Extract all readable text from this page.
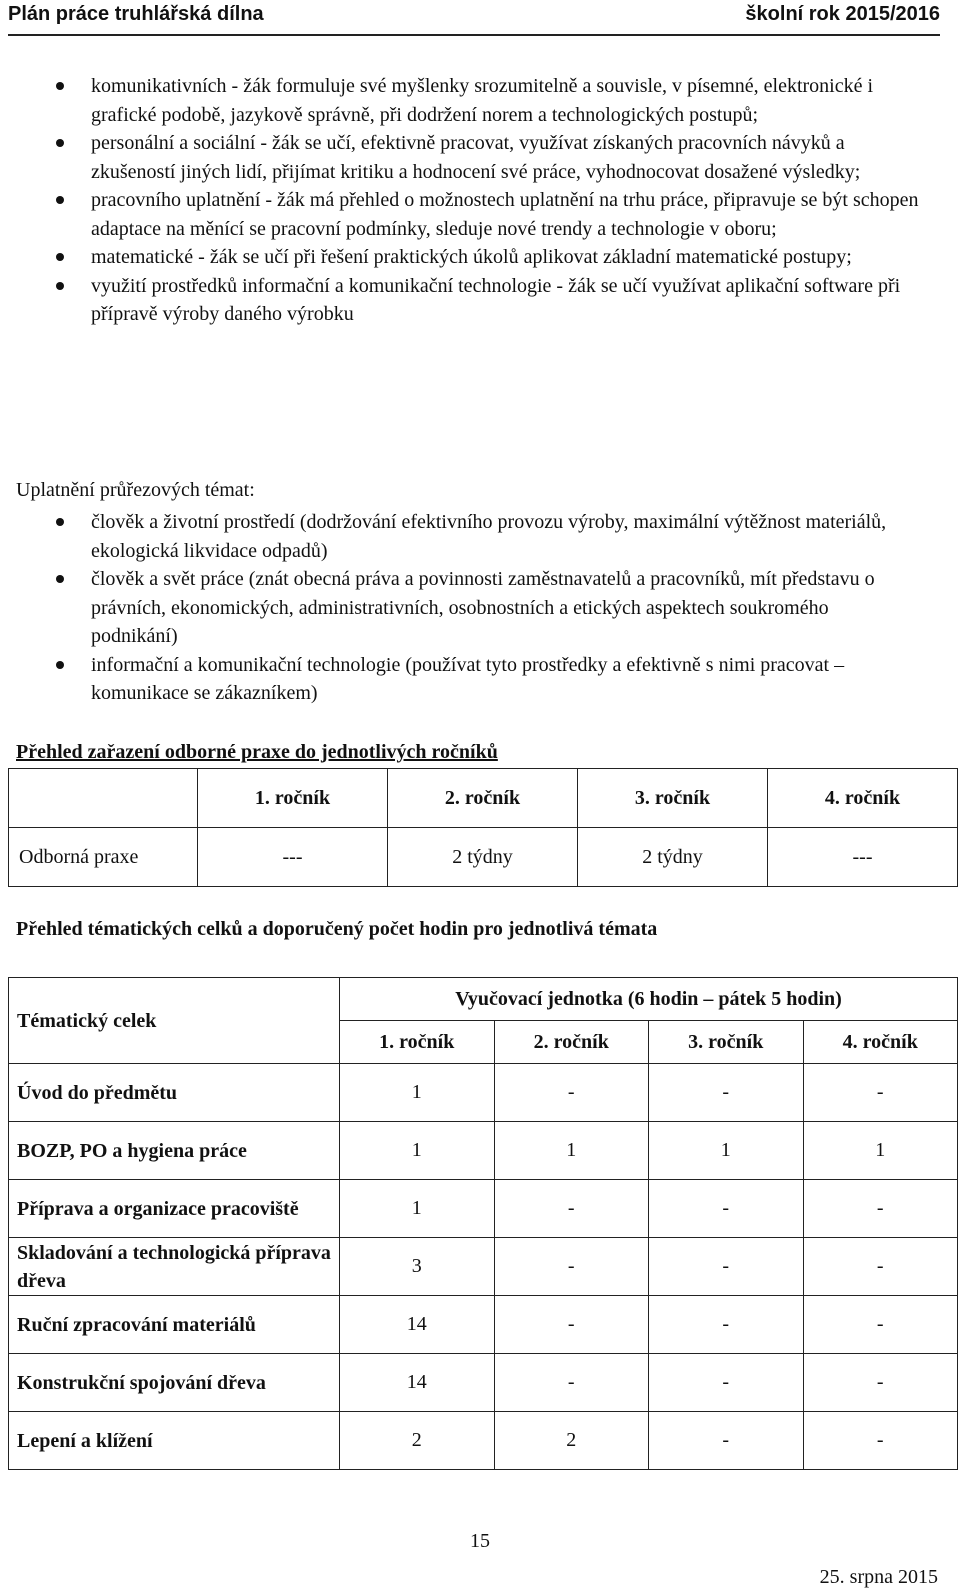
Plán práce truhlářská dílna	školní rok 2015/2016
komunikativních - žák formuluje své myšlenky srozumitelně a souvisle, v písemné, elektronické i grafické podobě, jazykově správně, při dodržení norem a technologických postupů;
personální a sociální - žák se učí, efektivně pracovat, využívat získaných pracovních návyků a zkušeností jiných lidí, přijímat kritiku a hodnocení své práce, vyhodnocovat dosažené výsledky;
pracovního uplatnění - žák má přehled o možnostech uplatnění na trhu práce, připravuje se být schopen adaptace na měnící se pracovní podmínky, sleduje nové trendy a technologie v oboru;
matematické - žák se učí při řešení praktických úkolů aplikovat základní matematické postupy;
využití prostředků informační a komunikační technologie - žák se učí využívat aplikační software při přípravě výroby daného výrobku
Uplatnění průřezových témat:
člověk a životní prostředí (dodržování efektivního provozu výroby, maximální výtěžnost materiálů, ekologická likvidace odpadů)
člověk a svět práce (znát obecná práva a povinnosti zaměstnavatelů a pracovníků, mít představu o právních, ekonomických, administrativních, osobnostních a etických aspektech soukromého podnikání)
informační a komunikační technologie (používat tyto prostředky a efektivně s nimi pracovat – komunikace se zákazníkem)
Přehled zařazení odborné praxe do jednotlivých ročníků
	1. ročník	2. ročník	3. ročník	4. ročník
Odborná praxe	---	2 týdny	2 týdny	---
Přehled tématických celků a doporučený počet hodin pro jednotlivá témata
Tématický celek	Vyučovací jednotka (6 hodin – pátek 5 hodin)			
	1. ročník	2. ročník	3. ročník	4. ročník
Úvod do předmětu	1	-	-	-
BOZP, PO a hygiena práce	1	1	1	1
Příprava a organizace pracoviště	1	-	-	-
Skladování a technologická příprava dřeva	3	-	-	-
Ruční zpracování materiálů	14	-	-	-
Konstrukční spojování dřeva	14	-	-	-
Lepení a klížení	2	2	-	-
15
25. srpna 2015
